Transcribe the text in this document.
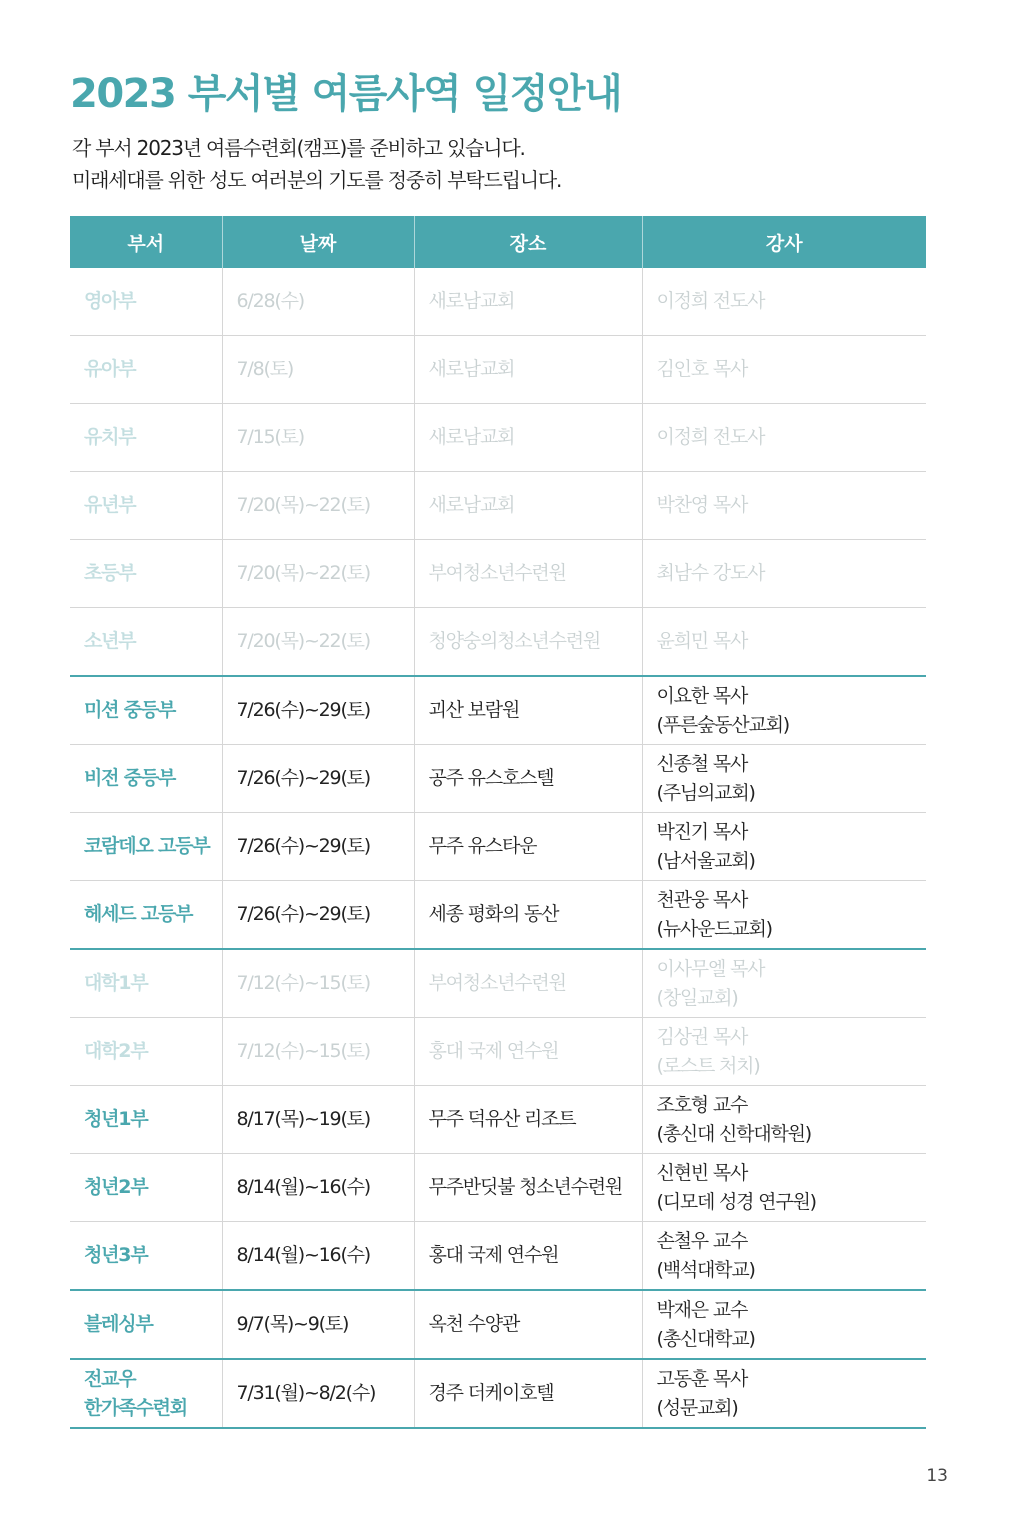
2023 부서별 여름사역 일정안내
각 부서 2023년 여름수련회(캠프)를 준비하고 있습니다.
미래세대를 위한 성도 여러분의 기도를 정중히 부탁드립니다.
부서	날짜	장소	강사
영아부	6/28(수)	새로남교회	이정희 전도사

유아부	7/8(토)	새로남교회	김인호 목사

유치부	7/15(토)	새로남교회	이정희 전도사

유년부	7/20(목)~22(토)	새로남교회	박찬영 목사

초등부	7/20(목)~22(토)	부여청소년수련원	최남수 강도사

소년부	7/20(목)~22(토)	청양숭의청소년수련원	윤희민 목사

미션 중등부	7/26(수)~29(토)	괴산 보람원	이요한 목사
(푸른숲동산교회)

비전 중등부	7/26(수)~29(토)	공주 유스호스텔	신종철 목사
(주님의교회)

코람데오 고등부	7/26(수)~29(토)	무주 유스타운	박진기 목사
(남서울교회)

헤세드 고등부	7/26(수)~29(토)	세종 평화의 동산	천관웅 목사
(뉴사운드교회)

대학1부	7/12(수)~15(토)	부여청소년수련원	이사무엘 목사
(창일교회)

대학2부	7/12(수)~15(토)	홍대 국제 연수원	김상권 목사
(로스트 처치)

청년1부	8/17(목)~19(토)	무주 덕유산 리조트	조호형 교수
(총신대 신학대학원)

청년2부	8/14(월)~16(수)	무주반딧불 청소년수련원	신현빈 목사
(디모데 성경 연구원)

청년3부	8/14(월)~16(수)	홍대 국제 연수원	손철우 교수
(백석대학교)

블레싱부	9/7(목)~9(토)	옥천 수양관	박재은 교수
(총신대학교)

전교우
한가족수련회	7/31(월)~8/2(수)	경주 더케이호텔	고동훈 목사
(성문교회)
13
